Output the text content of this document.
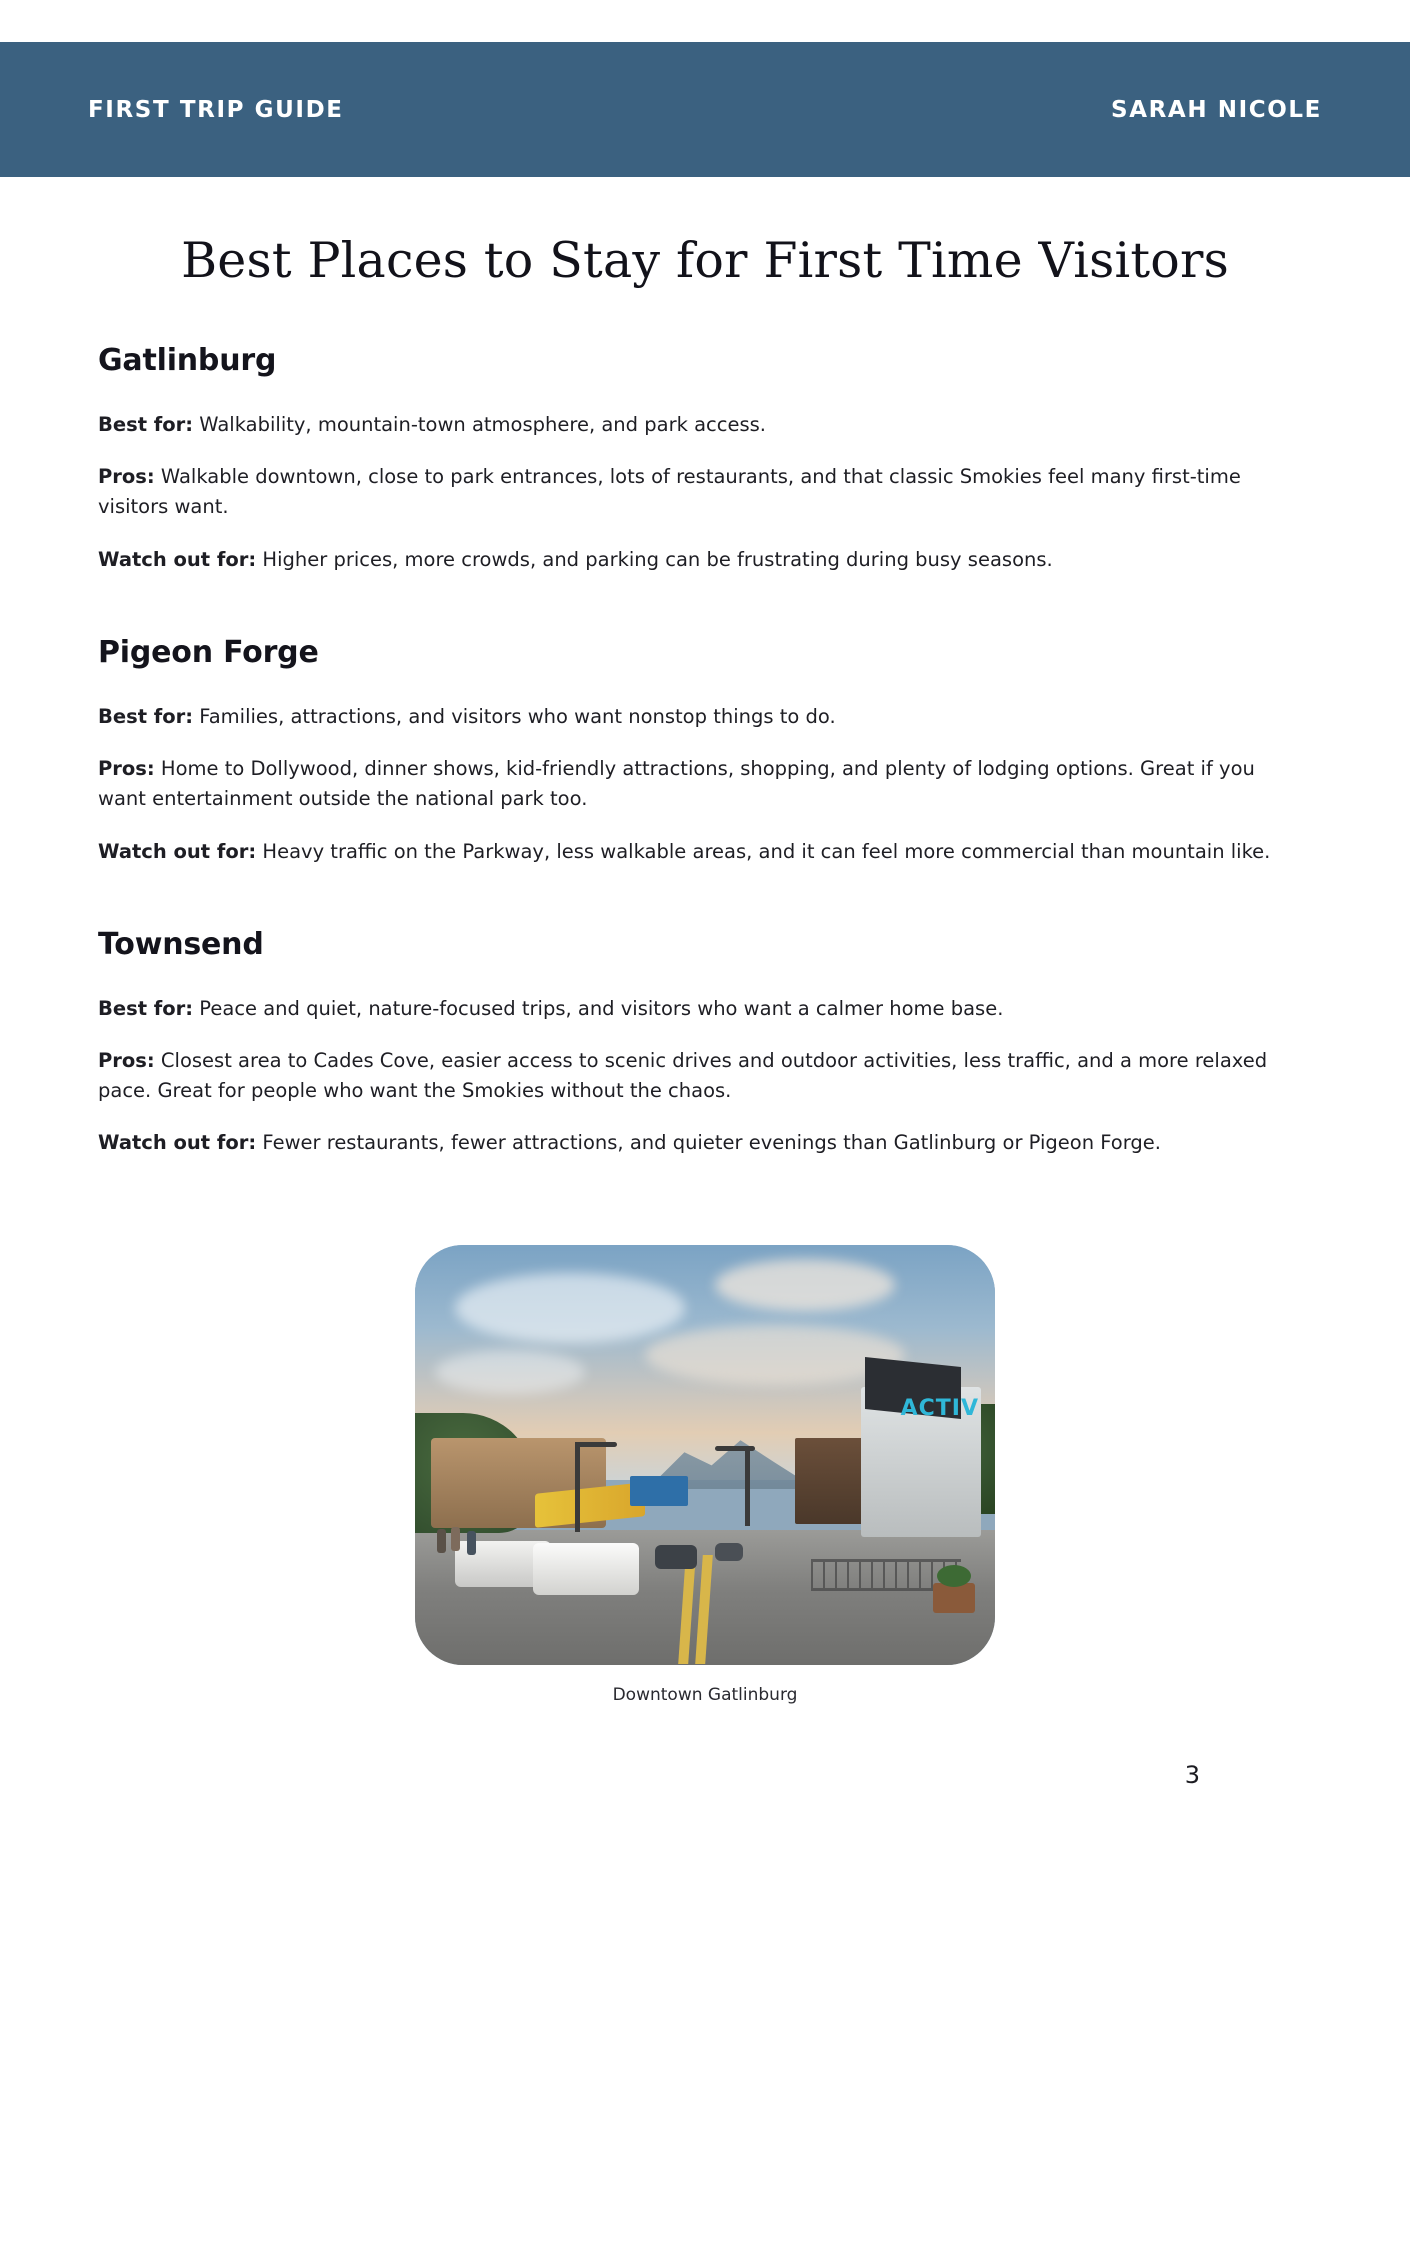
FIRST TRIP GUIDE	SARAH NICOLE
Best Places to Stay for First Time Visitors
Gatlinburg

Best for: Walkability, mountain-town atmosphere, and park access.

Pros: Walkable downtown, close to park entrances, lots of restaurants, and that classic Smokies feel many first-time visitors want.

Watch out for: Higher prices, more crowds, and parking can be frustrating during busy seasons.

Pigeon Forge

Best for: Families, attractions, and visitors who want nonstop things to do.

Pros: Home to Dollywood, dinner shows, kid-friendly attractions, shopping, and plenty of lodging options. Great if you want entertainment outside the national park too.

Watch out for: Heavy traffic on the Parkway, less walkable areas, and it can feel more commercial than mountain like.

Townsend

Best for: Peace and quiet, nature-focused trips, and visitors who want a calmer home base.

Pros: Closest area to Cades Cove, easier access to scenic drives and outdoor activities, less traffic, and a more relaxed pace. Great for people who want the Smokies without the chaos.

Watch out for: Fewer restaurants, fewer attractions, and quieter evenings than Gatlinburg or Pigeon Forge.

ACTIV
Downtown Gatlinburg
3
